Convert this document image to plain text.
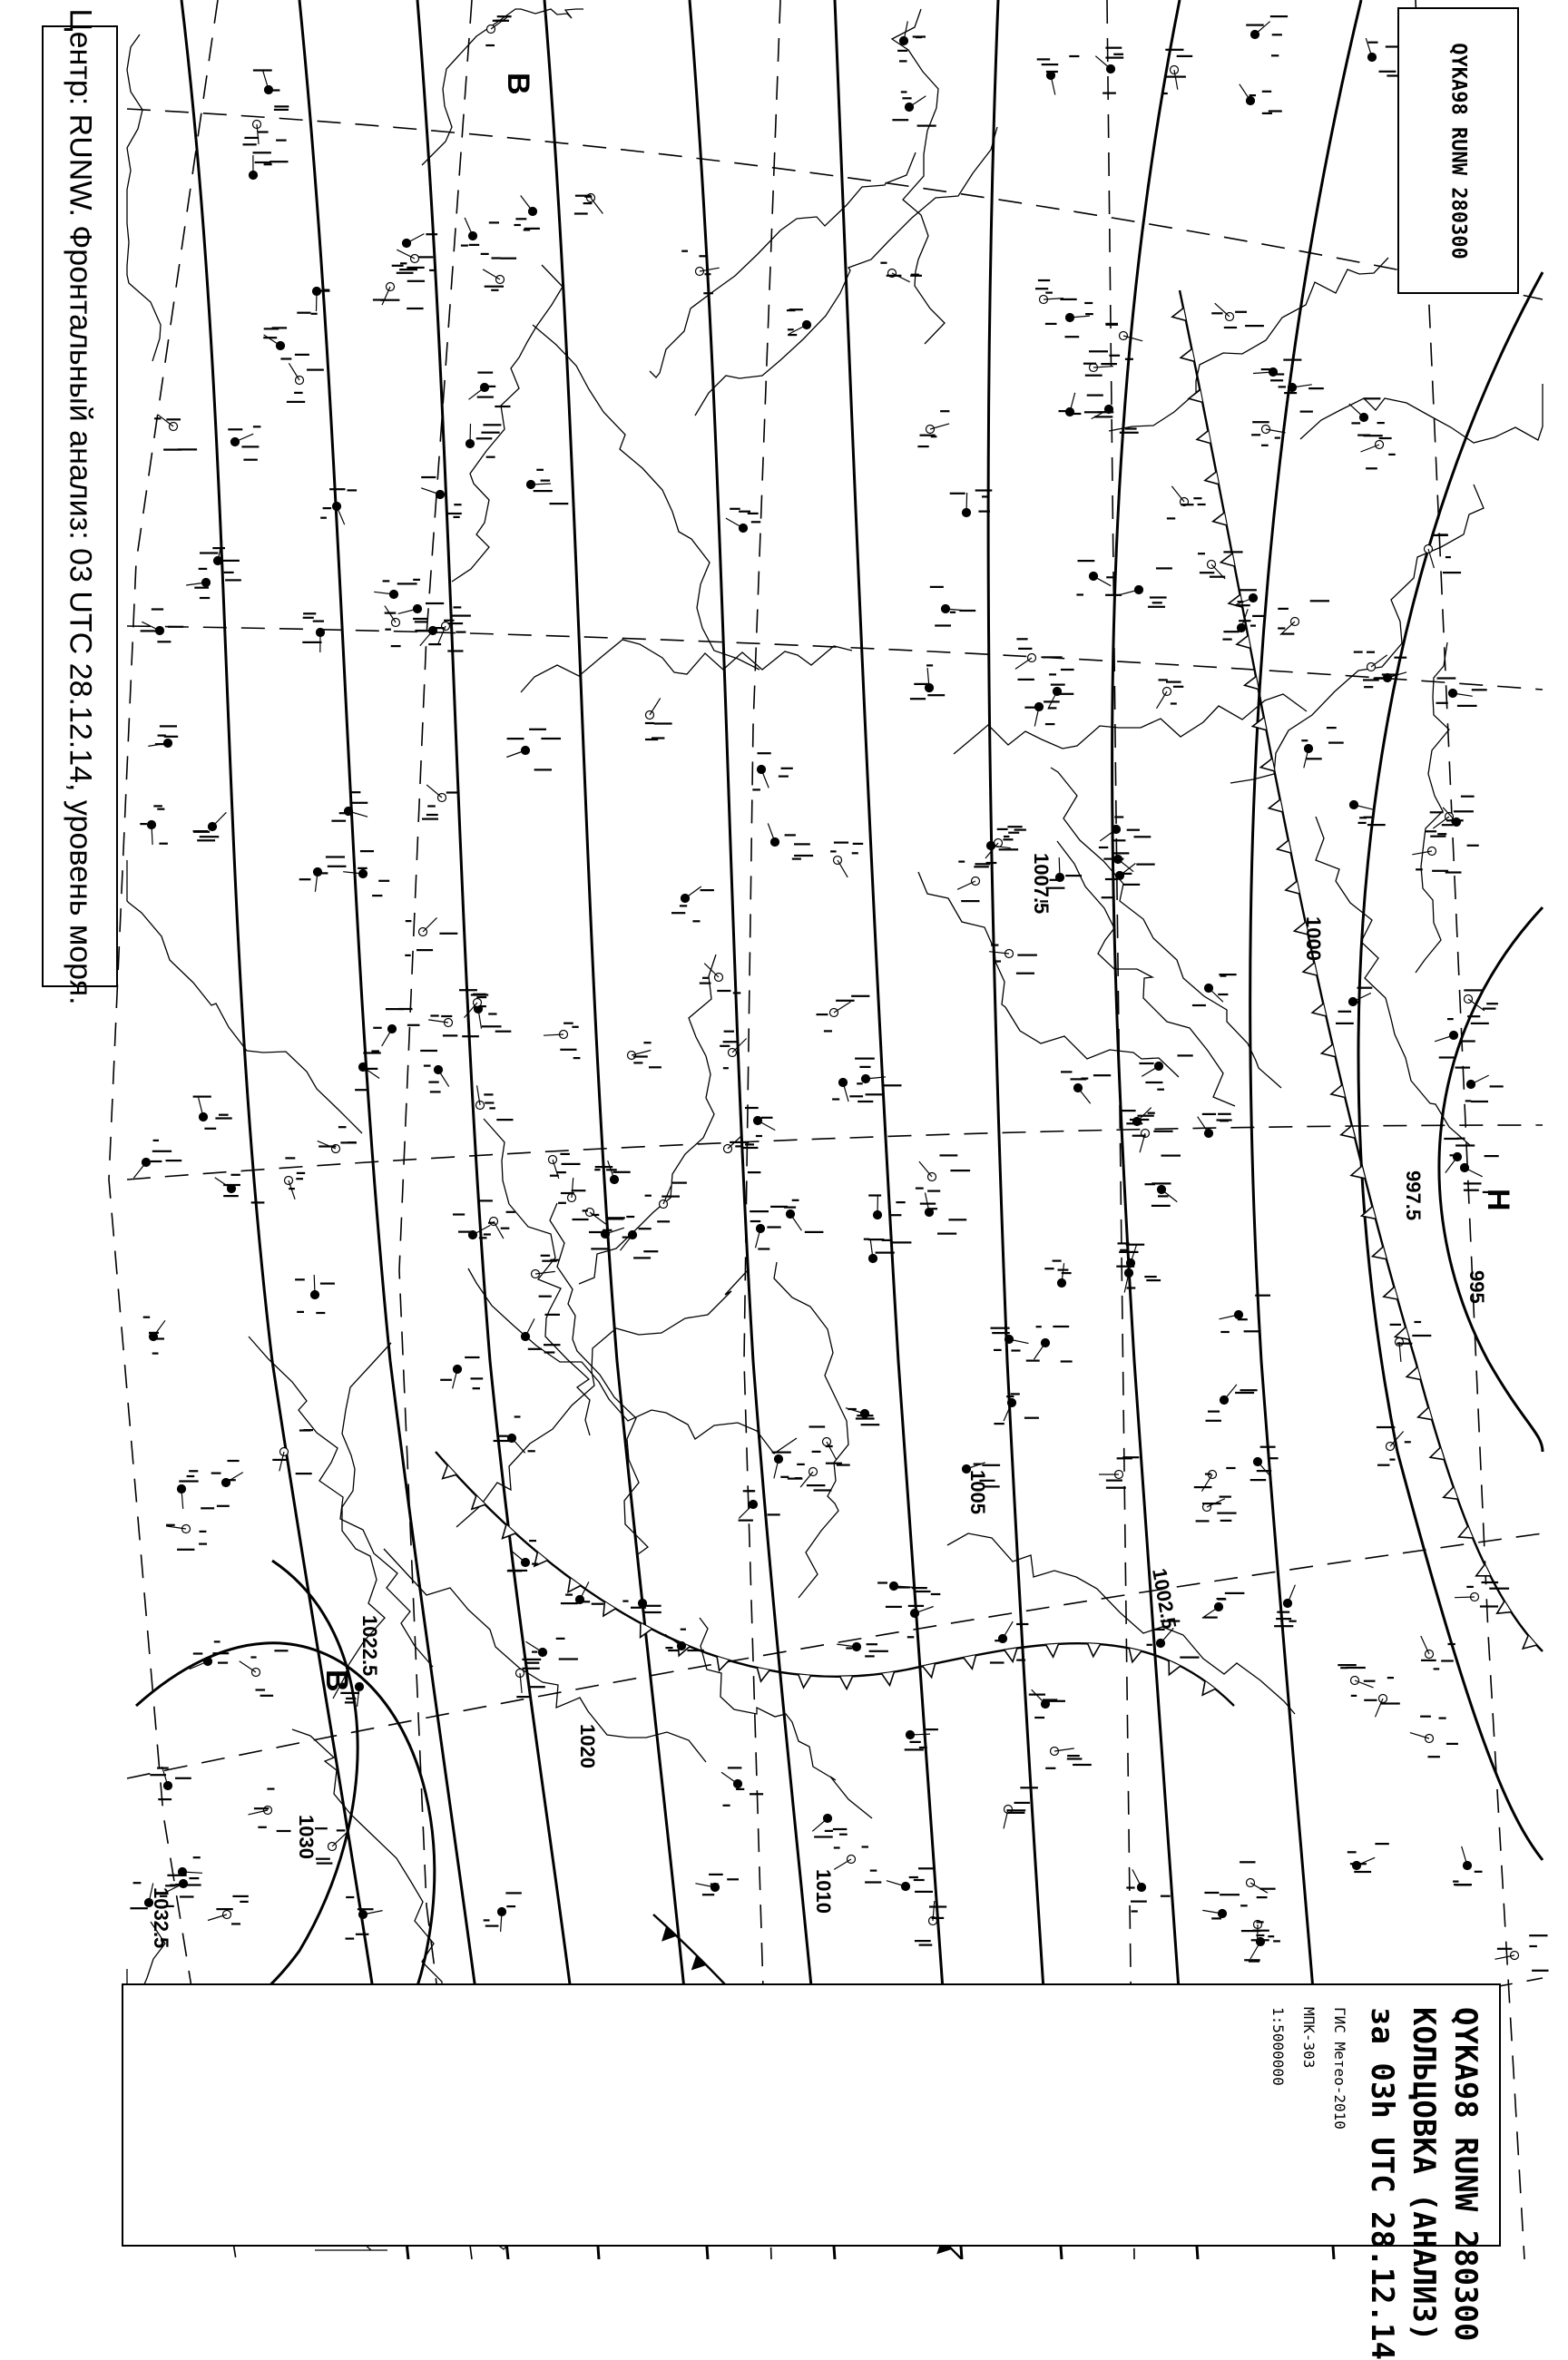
1032.5
1030
1022.5
1020
1010
1005
1002.5
1000
997.5
995
1007.5
В
В
Н
Центр: RUNW. Фронтальный анализ: 03 UTC 28.12.14, уровень моря.	QYKA98 RUNW 280300
QYKA98 RUNW 280300
КОЛЬЦОВКА (АНАЛИЗ)
за 03h UTC 28.12.14
ГИС Метео-2010
МПК-303
1:5000000
